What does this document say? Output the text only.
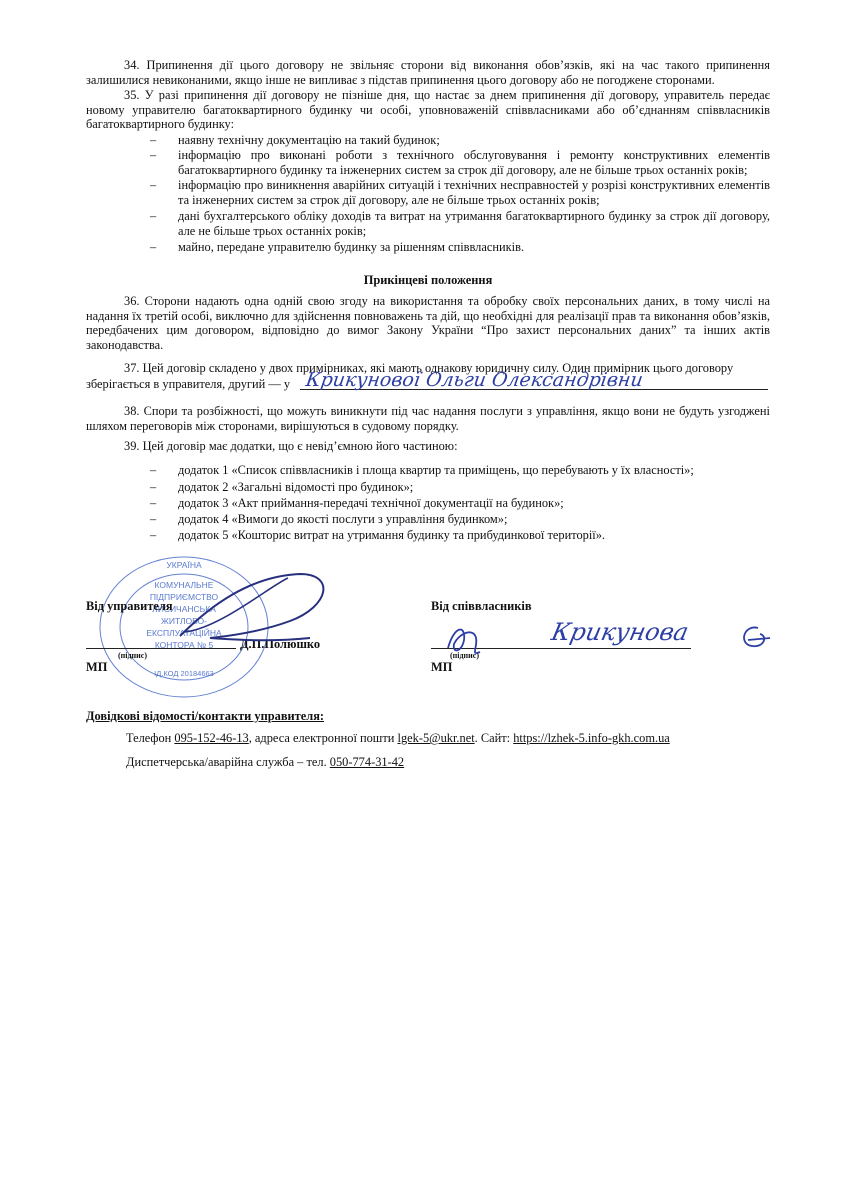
34. Припинення дії цього договору не звільняє сторони від виконання обов’язків, які на час такого припинення залишилися невиконаними, якщо інше не випливає з підстав припинення цього договору або не погоджене сторонами.
35. У разі припинення дії договору не пізніше дня, що настає за днем припинення дії договору, управитель передає новому управителю багатоквартирного будинку чи особі, уповноваженій співвласниками або об’єднанням співвласників багатоквартирного будинку:
– наявну технічну документацію на такий будинок;
– інформацію про виконані роботи з технічного обслуговування і ремонту конструктивних елементів багатоквартирного будинку та інженерних систем за строк дії договору, але не більше трьох останніх років;
– інформацію про виникнення аварійних ситуацій і технічних несправностей у розрізі конструктивних елементів та інженерних систем за строк дії договору, але не більше трьох останніх років;
– дані бухгалтерського обліку доходів та витрат на утримання багатоквартирного будинку за строк дії договору, але не більше трьох останніх років;
– майно, передане управителю будинку за рішенням співвласників.
Прикінцеві положення
36. Сторони надають одна одній свою згоду на використання та обробку своїх персональних даних, в тому числі на надання їх третій особі, виключно для здійснення повноважень та дій, що необхідні для реалізації прав та виконання обов’язків, передбачених цим договором, відповідно до вимог Закону України “Про захист персональних даних” та інших актів законодавства.
37. Цей договір складено у двох примірниках, які мають однакову юридичну силу. Один примірник цього договору
зберігається в управителя, другий — у Крикунової Ольги Олександрівни
38. Спори та розбіжності, що можуть виникнути під час надання послуги з управління, якщо вони не будуть узгоджені шляхом переговорів між сторонами, вирішуються в судовому порядку.
39. Цей договір має додатки, що є невід’ємною його частиною:
– додаток 1 «Список співвласників і площа квартир та приміщень, що перебувають у їх власності»;
– додаток 2 «Загальні відомості про будинок»;
– додаток 3 «Акт приймання-передачі технічної документації на будинок»;
– додаток 4 «Вимоги до якості послуги з управління будинком»;
– додаток 5 «Кошторис витрат на утримання будинку та прибудинкової території».
УКРАЇНА
КОМУНАЛЬНЕ
ПІДПРИЄМСТВО
ЛИСИЧАНСЬКА
ЖИТЛОВО-
ЕКСПЛУАТАЦІЙНА
КОНТОРА № 5
ІД.КОД 20184663
Від управителя
Д.П.Полюшко
(підпис)
МП
Від співвласників
(підпис)
МП
Крикунова
Довідкові відомості/контакти управителя:
Телефон 095-152-46-13, адреса електронної пошти lgek-5@ukr.net. Сайт: https://lzhek-5.info-gkh.com.ua
Диспетчерська/аварійна служба – тел. 050-774-31-42
